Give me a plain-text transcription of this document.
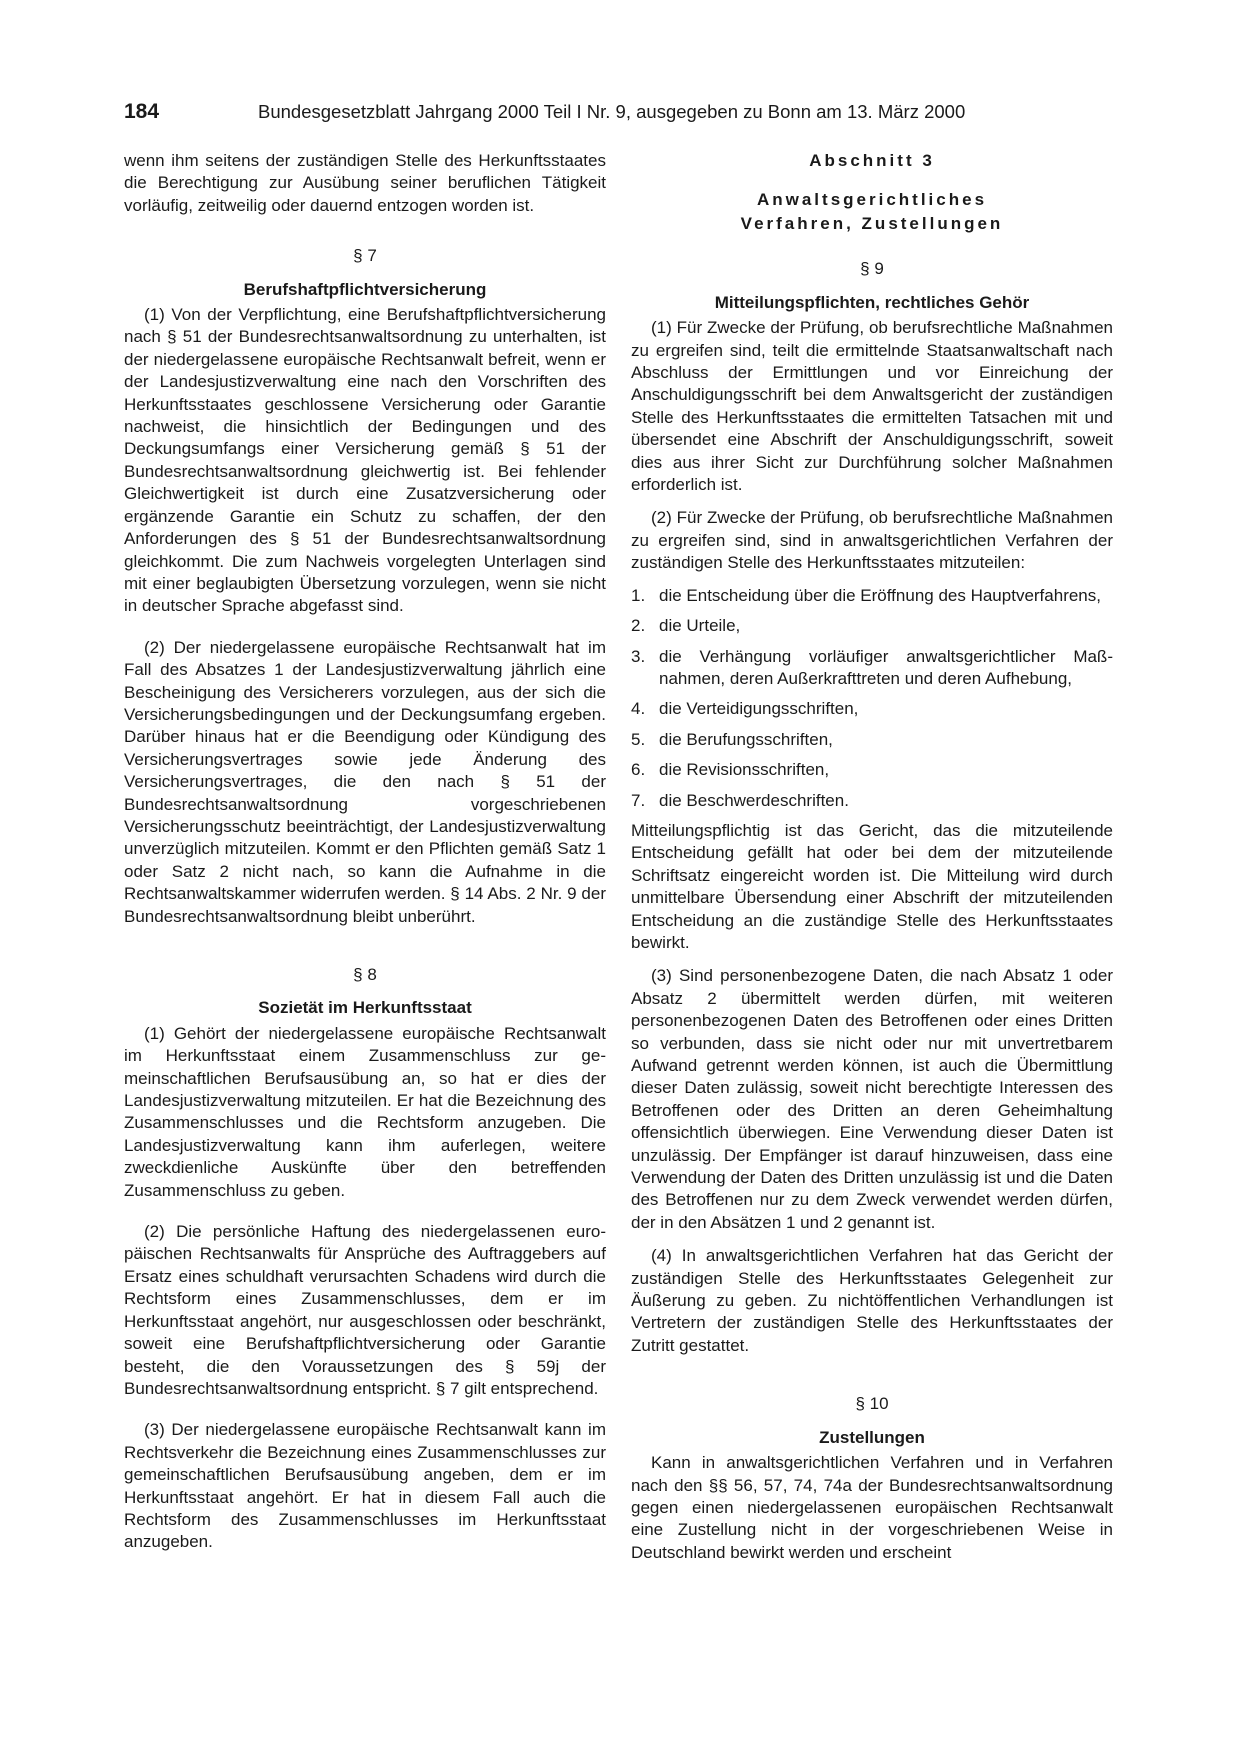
184	Bundesgesetzblatt Jahrgang 2000 Teil I Nr. 9, ausgegeben zu Bonn am 13. März 2000

wenn ihm seitens der zuständigen Stelle des Herkunftsstaates die Berechtigung zur Ausübung seiner beruflichen Tätigkeit vorläufig, zeitweilig oder dauernd entzogen worden ist.

§ 7
Berufshaftpflichtversicherung

(1) Von der Verpflichtung, eine Berufshaftpflichtversicherung nach § 51 der Bundesrechtsanwaltsordnung zu unterhalten, ist der niedergelassene europäische Rechtsanwalt befreit, wenn er der Landesjustizverwaltung eine nach den Vorschriften des Herkunftsstaates geschlossene Versicherung oder Garantie nachweist, die hinsichtlich der Bedingungen und des Deckungsumfangs einer Versicherung gemäß § 51 der Bundesrechtsanwaltsordnung gleichwertig ist. Bei fehlender Gleichwertigkeit ist durch eine Zusatzversicherung oder ergänzende Garantie ein Schutz zu schaffen, der den Anforderungen des § 51 der Bundesrechtsanwaltsordnung gleichkommt. Die zum Nachweis vorgelegten Unterlagen sind mit einer beglaubigten Übersetzung vorzulegen, wenn sie nicht in deutscher Sprache abgefasst sind.

(2) Der niedergelassene europäische Rechtsanwalt hat im Fall des Absatzes 1 der Landesjustizverwaltung jährlich eine Bescheinigung des Versicherers vorzulegen, aus der sich die Versicherungsbedingungen und der Deckungsumfang ergeben. Darüber hinaus hat er die Beendigung oder Kündigung des Versicherungsvertrages sowie jede Änderung des Versicherungsvertrages, die den nach § 51 der Bundesrechtsanwaltsordnung vorgeschriebenen Versicherungsschutz beeinträchtigt, der Landesjustizverwaltung unverzüglich mitzuteilen. Kommt er den Pflichten gemäß Satz 1 oder Satz 2 nicht nach, so kann die Aufnahme in die Rechtsanwaltskammer widerrufen werden. § 14 Abs. 2 Nr. 9 der Bundesrechtsanwaltsordnung bleibt unberührt.

§ 8
Sozietät im Herkunftsstaat

(1) Gehört der niedergelassene europäische Rechtsanwalt im Herkunftsstaat einem Zusammenschluss zur gemeinschaftlichen Berufsausübung an, so hat er dies der Landesjustizverwaltung mitzuteilen. Er hat die Bezeichnung des Zusammenschlusses und die Rechtsform anzugeben. Die Landesjustizverwaltung kann ihm auferlegen, weitere zweckdienliche Auskünfte über den betreffenden Zusammenschluss zu geben.

(2) Die persönliche Haftung des niedergelassenen europäischen Rechtsanwalts für Ansprüche des Auftraggebers auf Ersatz eines schuldhaft verursachten Schadens wird durch die Rechtsform eines Zusammenschlusses, dem er im Herkunftsstaat angehört, nur ausgeschlossen oder beschränkt, soweit eine Berufshaftpflichtversicherung oder Garantie besteht, die den Voraussetzungen des § 59j der Bundesrechtsanwaltsordnung entspricht. § 7 gilt entsprechend.

(3) Der niedergelassene europäische Rechtsanwalt kann im Rechtsverkehr die Bezeichnung eines Zusammenschlusses zur gemeinschaftlichen Berufsausübung angeben, dem er im Herkunftsstaat angehört. Er hat in diesem Fall auch die Rechtsform des Zusammenschlusses im Herkunftsstaat anzugeben.

Abschnitt 3
Anwaltsgerichtliches
Verfahren, Zustellungen
§ 9
Mitteilungspflichten, rechtliches Gehör

(1) Für Zwecke der Prüfung, ob berufsrechtliche Maßnahmen zu ergreifen sind, teilt die ermittelnde Staatsanwaltschaft nach Abschluss der Ermittlungen und vor Einreichung der Anschuldigungsschrift bei dem Anwaltsgericht der zuständigen Stelle des Herkunftsstaates die ermittelten Tatsachen mit und übersendet eine Abschrift der Anschuldigungsschrift, soweit dies aus ihrer Sicht zur Durchführung solcher Maßnahmen erforderlich ist.

(2) Für Zwecke der Prüfung, ob berufsrechtliche Maßnahmen zu ergreifen sind, sind in anwaltsgerichtlichen Verfahren der zuständigen Stelle des Herkunftsstaates mitzuteilen:

1. die Entscheidung über die Eröffnung des Hauptverfahrens,
2. die Urteile,
3. die Verhängung vorläufiger anwaltsgerichtlicher Maßnahmen, deren Außerkrafttreten und deren Aufhebung,
4. die Verteidigungsschriften,
5. die Berufungsschriften,
6. die Revisionsschriften,
7. die Beschwerdeschriften.

Mitteilungspflichtig ist das Gericht, das die mitzuteilende Entscheidung gefällt hat oder bei dem der mitzuteilende Schriftsatz eingereicht worden ist. Die Mitteilung wird durch unmittelbare Übersendung einer Abschrift der mitzuteilenden Entscheidung an die zuständige Stelle des Herkunftsstaates bewirkt.

(3) Sind personenbezogene Daten, die nach Absatz 1 oder Absatz 2 übermittelt werden dürfen, mit weiteren personenbezogenen Daten des Betroffenen oder eines Dritten so verbunden, dass sie nicht oder nur mit unvertretbarem Aufwand getrennt werden können, ist auch die Übermittlung dieser Daten zulässig, soweit nicht berechtigte Interessen des Betroffenen oder des Dritten an deren Geheimhaltung offensichtlich überwiegen. Eine Verwendung dieser Daten ist unzulässig. Der Empfänger ist darauf hinzuweisen, dass eine Verwendung der Daten des Dritten unzulässig ist und die Daten des Betroffenen nur zu dem Zweck verwendet werden dürfen, der in den Absätzen 1 und 2 genannt ist.

(4) In anwaltsgerichtlichen Verfahren hat das Gericht der zuständigen Stelle des Herkunftsstaates Gelegenheit zur Äußerung zu geben. Zu nichtöffentlichen Verhandlungen ist Vertretern der zuständigen Stelle des Herkunftsstaates der Zutritt gestattet.

§ 10
Zustellungen

Kann in anwaltsgerichtlichen Verfahren und in Verfahren nach den §§ 56, 57, 74, 74a der Bundesrechtsanwaltsordnung gegen einen niedergelassenen europäischen Rechtsanwalt eine Zustellung nicht in der vorgeschriebenen Weise in Deutschland bewirkt werden und erscheint
